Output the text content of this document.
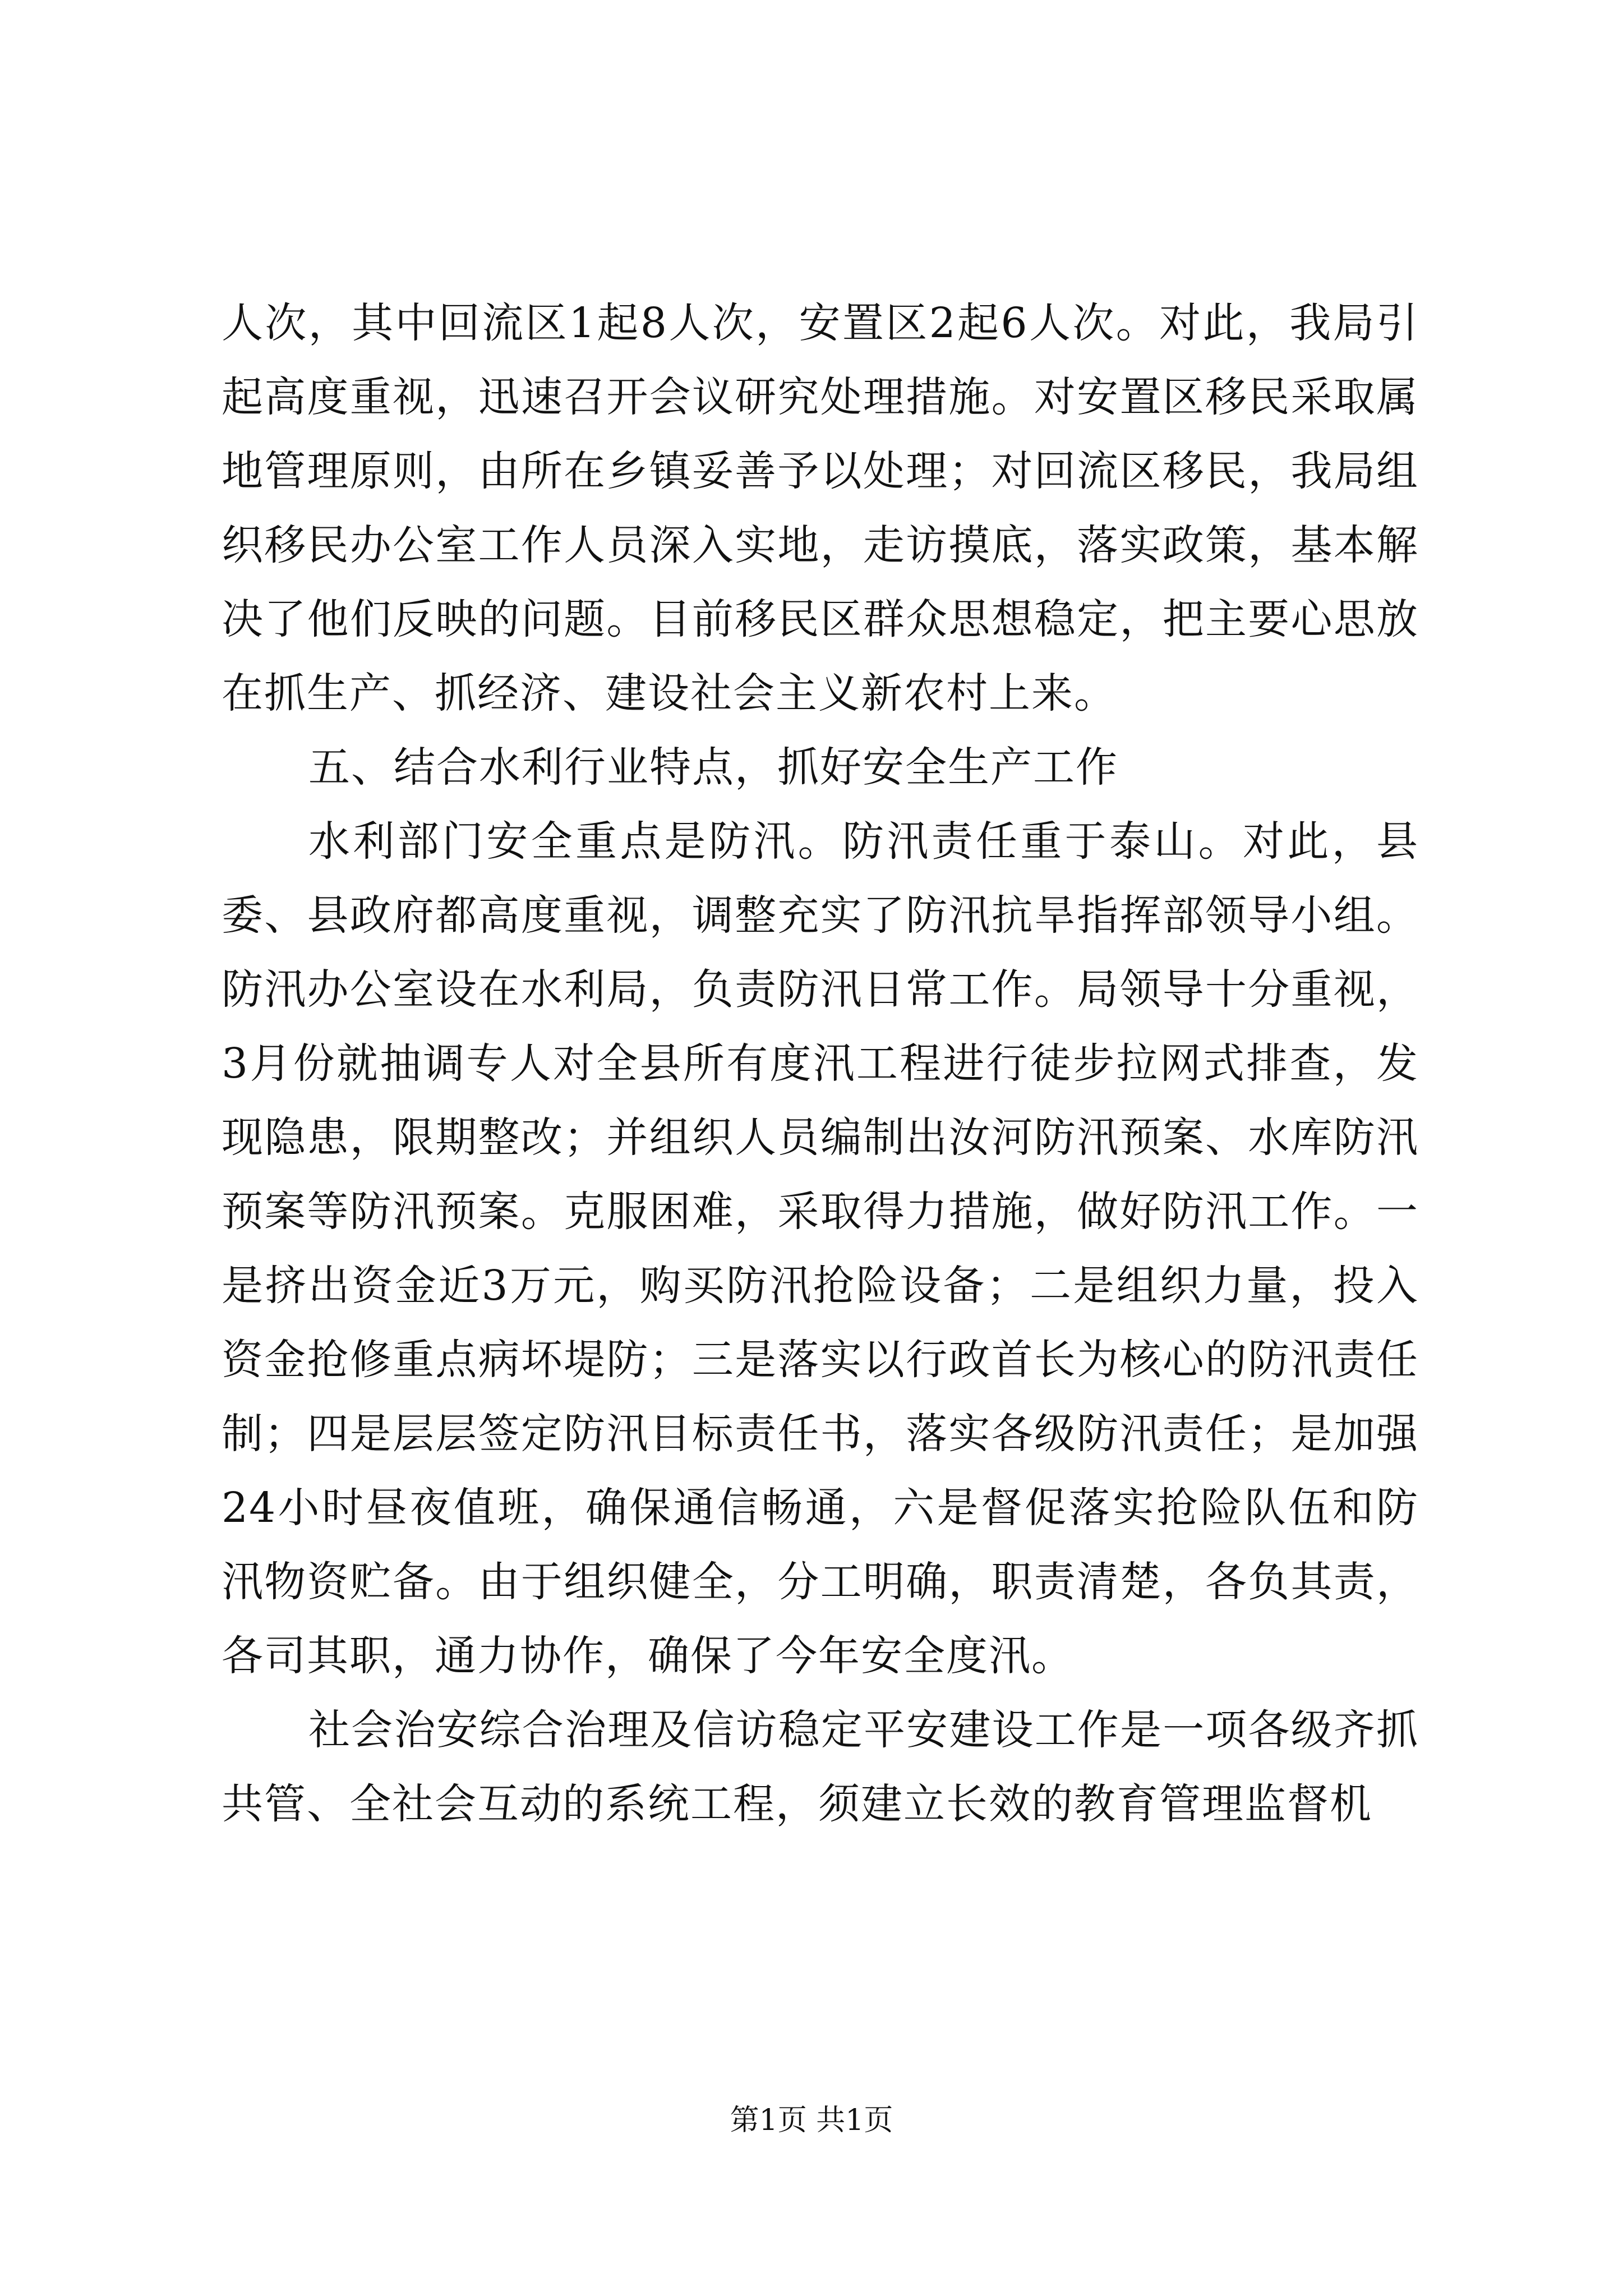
人次，其中回流区1起8人次，安置区2起6人次。对此，我局引起高度重视，迅速召开会议研究处理措施。对安置区移民采取属地管理原则，由所在乡镇妥善予以处理；对回流区移民，我局组织移民办公室工作人员深入实地，走访摸底，落实政策，基本解决了他们反映的问题。目前移民区群众思想稳定，把主要心思放在抓生产、抓经济、建设社会主义新农村上来。

五、结合水利行业特点，抓好安全生产工作

水利部门安全重点是防汛。防汛责任重于泰山。对此，县委、县政府都高度重视，调整充实了防汛抗旱指挥部领导小组。防汛办公室设在水利局，负责防汛日常工作。局领导十分重视，3月份就抽调专人对全县所有度汛工程进行徒步拉网式排查，发现隐患，限期整改；并组织人员编制出汝河防汛预案、水库防汛预案等防汛预案。克服困难，采取得力措施，做好防汛工作。一是挤出资金近3万元，购买防汛抢险设备；二是组织力量，投入资金抢修重点病坏堤防；三是落实以行政首长为核心的防汛责任制；四是层层签定防汛目标责任书，落实各级防汛责任；是加强24小时昼夜值班，确保通信畅通，六是督促落实抢险队伍和防汛物资贮备。由于组织健全，分工明确，职责清楚，各负其责，各司其职，通力协作，确保了今年安全度汛。

社会治安综合治理及信访稳定平安建设工作是一项各级齐抓共管、全社会互动的系统工程，须建立长效的教育管理监督机

第1页 共1页
